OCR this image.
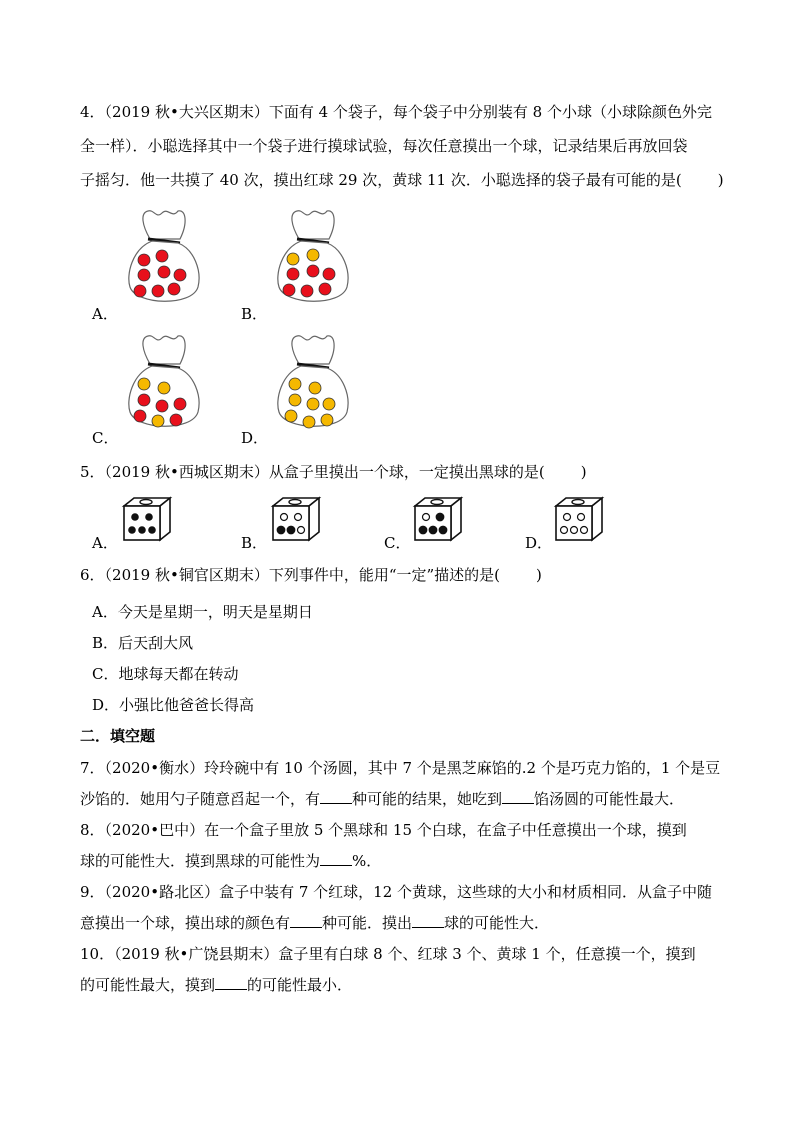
4．（2019 秋•大兴区期末）下面有 4 个袋子，每个袋子中分别装有 8 个小球（小球除颜色外完
全一样）．小聪选择其中一个袋子进行摸球试验，每次任意摸出一个球，记录结果后再放回袋
子摇匀．他一共摸了 40 次，摸出红球 29 次，黄球 11 次．小聪选择的袋子最有可能的是( )
A．	B．
C．	D．
5．（2019 秋•西城区期末）从盒子里摸出一个球，一定摸出黑球的是( )
A．	B．	C．	D．
6．（2019 秋•铜官区期末）下列事件中，能用“一定”描述的是( )
A．今天是星期一，明天是星期日
B．后天刮大风
C．地球每天都在转动
D．小强比他爸爸长得高
二．填空题
7．（2020•衡水）玲玲碗中有 10 个汤圆，其中 7 个是黑芝麻馅的.2 个是巧克力馅的，1 个是豆
沙馅的．她用勺子随意舀起一个，有 种可能的结果，她吃到 馅汤圆的可能性最大．
8．（2020•巴中）在一个盒子里放 5 个黑球和 15 个白球，在盒子中任意摸出一个球，摸到
球的可能性大．摸到黑球的可能性为 %．
9．（2020•路北区）盒子中装有 7 个红球，12 个黄球，这些球的大小和材质相同．从盒子中随
意摸出一个球，摸出球的颜色有 种可能．摸出 球的可能性大．
10．（2019 秋•广饶县期末）盒子里有白球 8 个、红球 3 个、黄球 1 个，任意摸一个，摸到
的可能性最大，摸到 的可能性最小．
